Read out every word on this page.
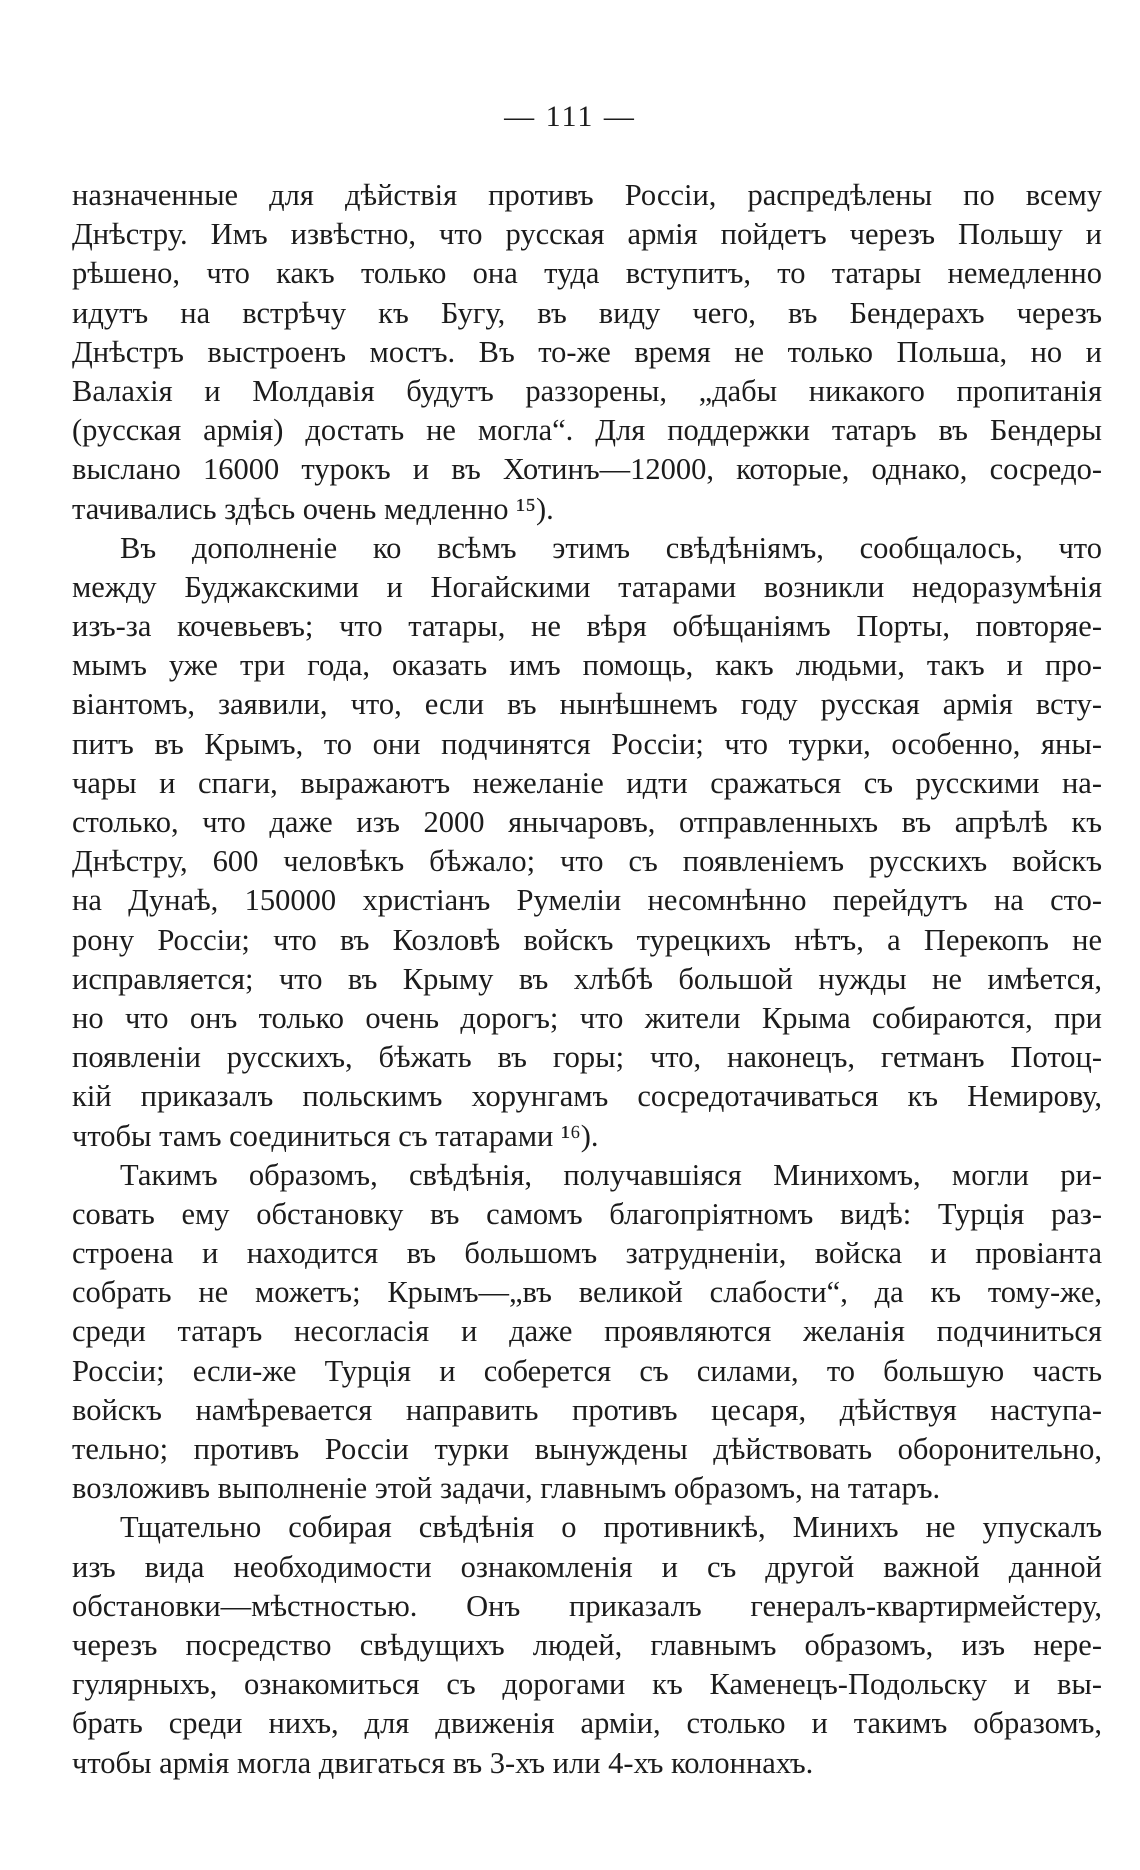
— 111 —
назначенные для дѣйствія противъ Россіи, распредѣлены по всему
Днѣстру. Имъ извѣстно, что русская армія пойдетъ черезъ Польшу и
рѣшено, что какъ только она туда вступитъ, то татары немедленно
идутъ на встрѣчу къ Бугу, въ виду чего, въ Бендерахъ черезъ
Днѣстръ выстроенъ мостъ. Въ то-же время не только Польша, но и
Валахія и Молдавія будутъ раззорены, „дабы никакого пропитанія
(русская армія) достать не могла“. Для поддержки татаръ въ Бендеры
выслано 16000 турокъ и въ Хотинъ—12000, которые, однако, сосредо-
тачивались здѣсь очень медленно ¹⁵).
Въ дополненіе ко всѣмъ этимъ свѣдѣніямъ, сообщалось, что
между Буджакскими и Ногайскими татарами возникли недоразумѣнія
изъ-за кочевьевъ; что татары, не вѣря обѣщаніямъ Порты, повторяе-
мымъ уже три года, оказать имъ помощь, какъ людьми, такъ и про-
віантомъ, заявили, что, если въ нынѣшнемъ году русская армія всту-
питъ въ Крымъ, то они подчинятся Россіи; что турки, особенно, яны-
чары и спаги, выражаютъ нежеланіе идти сражаться съ русскими на-
столько, что даже изъ 2000 янычаровъ, отправленныхъ въ апрѣлѣ къ
Днѣстру, 600 человѣкъ бѣжало; что съ появленіемъ русскихъ войскъ
на Дунаѣ, 150000 христіанъ Румеліи несомнѣнно перейдутъ на сто-
рону Россіи; что въ Козловѣ войскъ турецкихъ нѣтъ, а Перекопъ не
исправляется; что въ Крыму въ хлѣбѣ большой нужды не имѣется,
но что онъ только очень дорогъ; что жители Крыма собираются, при
появленіи русскихъ, бѣжать въ горы; что, наконецъ, гетманъ Потоц-
кій приказалъ польскимъ хорунгамъ сосредотачиваться къ Немирову,
чтобы тамъ соединиться съ татарами ¹⁶).
Такимъ образомъ, свѣдѣнія, получавшіяся Минихомъ, могли ри-
совать ему обстановку въ самомъ благопріятномъ видѣ: Турція раз-
строена и находится въ большомъ затрудненіи, войска и провіанта
собрать не можетъ; Крымъ—„въ великой слабости“, да къ тому-же,
среди татаръ несогласія и даже проявляются желанія подчиниться
Россіи; если-же Турція и соберется съ силами, то большую часть
войскъ намѣревается направить противъ цесаря, дѣйствуя наступа-
тельно; противъ Россіи турки вынуждены дѣйствовать оборонительно,
возложивъ выполненіе этой задачи, главнымъ образомъ, на татаръ.
Тщательно собирая свѣдѣнія о противникѣ, Минихъ не упускалъ
изъ вида необходимости ознакомленія и съ другой важной данной
обстановки—мѣстностью. Онъ приказалъ генералъ-квартирмейстеру,
черезъ посредство свѣдущихъ людей, главнымъ образомъ, изъ нере-
гулярныхъ, ознакомиться съ дорогами къ Каменецъ-Подольску и вы-
брать среди нихъ, для движенія арміи, столько и такимъ образомъ,
чтобы армія могла двигаться въ 3-хъ или 4-хъ колоннахъ.
